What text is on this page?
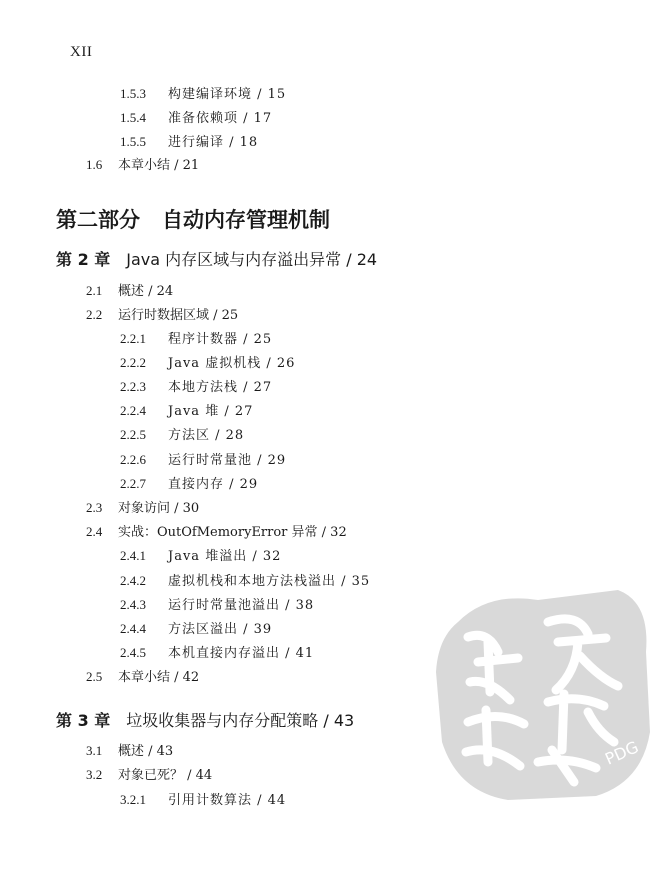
XII
1.5.3 构建编译环境 / 15
1.5.4 准备依赖项 / 17
1.5.5 进行编译 / 18
1.6 本章小结 / 21
第二部分 自动内存管理机制
第 2 章 Java 内存区域与内存溢出异常 / 24
2.1 概述 / 24
2.2 运行时数据区域 / 25
2.2.1 程序计数器 / 25
2.2.2 Java 虚拟机栈 / 26
2.2.3 本地方法栈 / 27
2.2.4 Java 堆 / 27
2.2.5 方法区 / 28
2.2.6 运行时常量池 / 29
2.2.7 直接内存 / 29
2.3 对象访问 / 30
2.4 实战：OutOfMemoryError 异常 / 32
2.4.1 Java 堆溢出 / 32
2.4.2 虚拟机栈和本地方法栈溢出 / 35
2.4.3 运行时常量池溢出 / 38
2.4.4 方法区溢出 / 39
2.4.5 本机直接内存溢出 / 41
2.5 本章小结 / 42
第 3 章 垃圾收集器与内存分配策略 / 43
3.1 概述 / 43
3.2 对象已死？ / 44
3.2.1 引用计数算法 / 44
PDG
